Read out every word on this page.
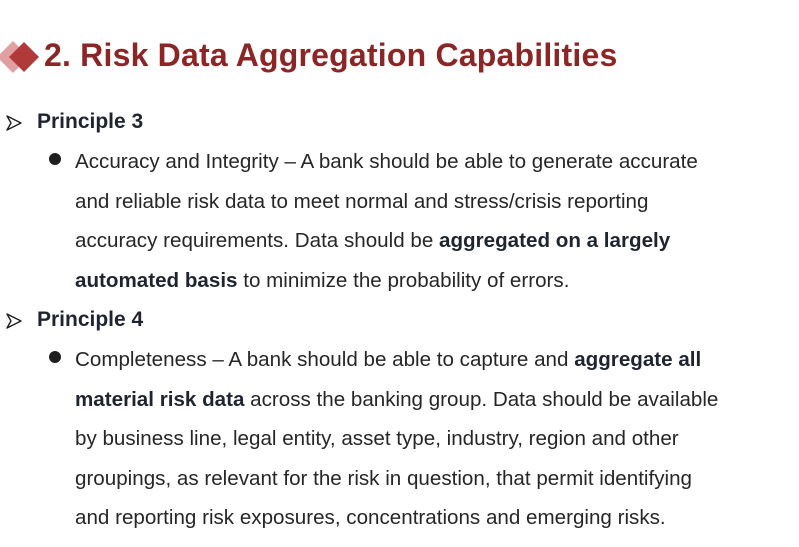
2. Risk Data Aggregation Capabilities
Principle 3
Accuracy and Integrity – A bank should be able to generate accurate
and reliable risk data to meet normal and stress/crisis reporting
accuracy requirements. Data should be aggregated on a largely
automated basis to minimize the probability of errors.
Principle 4
Completeness – A bank should be able to capture and aggregate all
material risk data across the banking group. Data should be available
by business line, legal entity, asset type, industry, region and other
groupings, as relevant for the risk in question, that permit identifying
and reporting risk exposures, concentrations and emerging risks.
